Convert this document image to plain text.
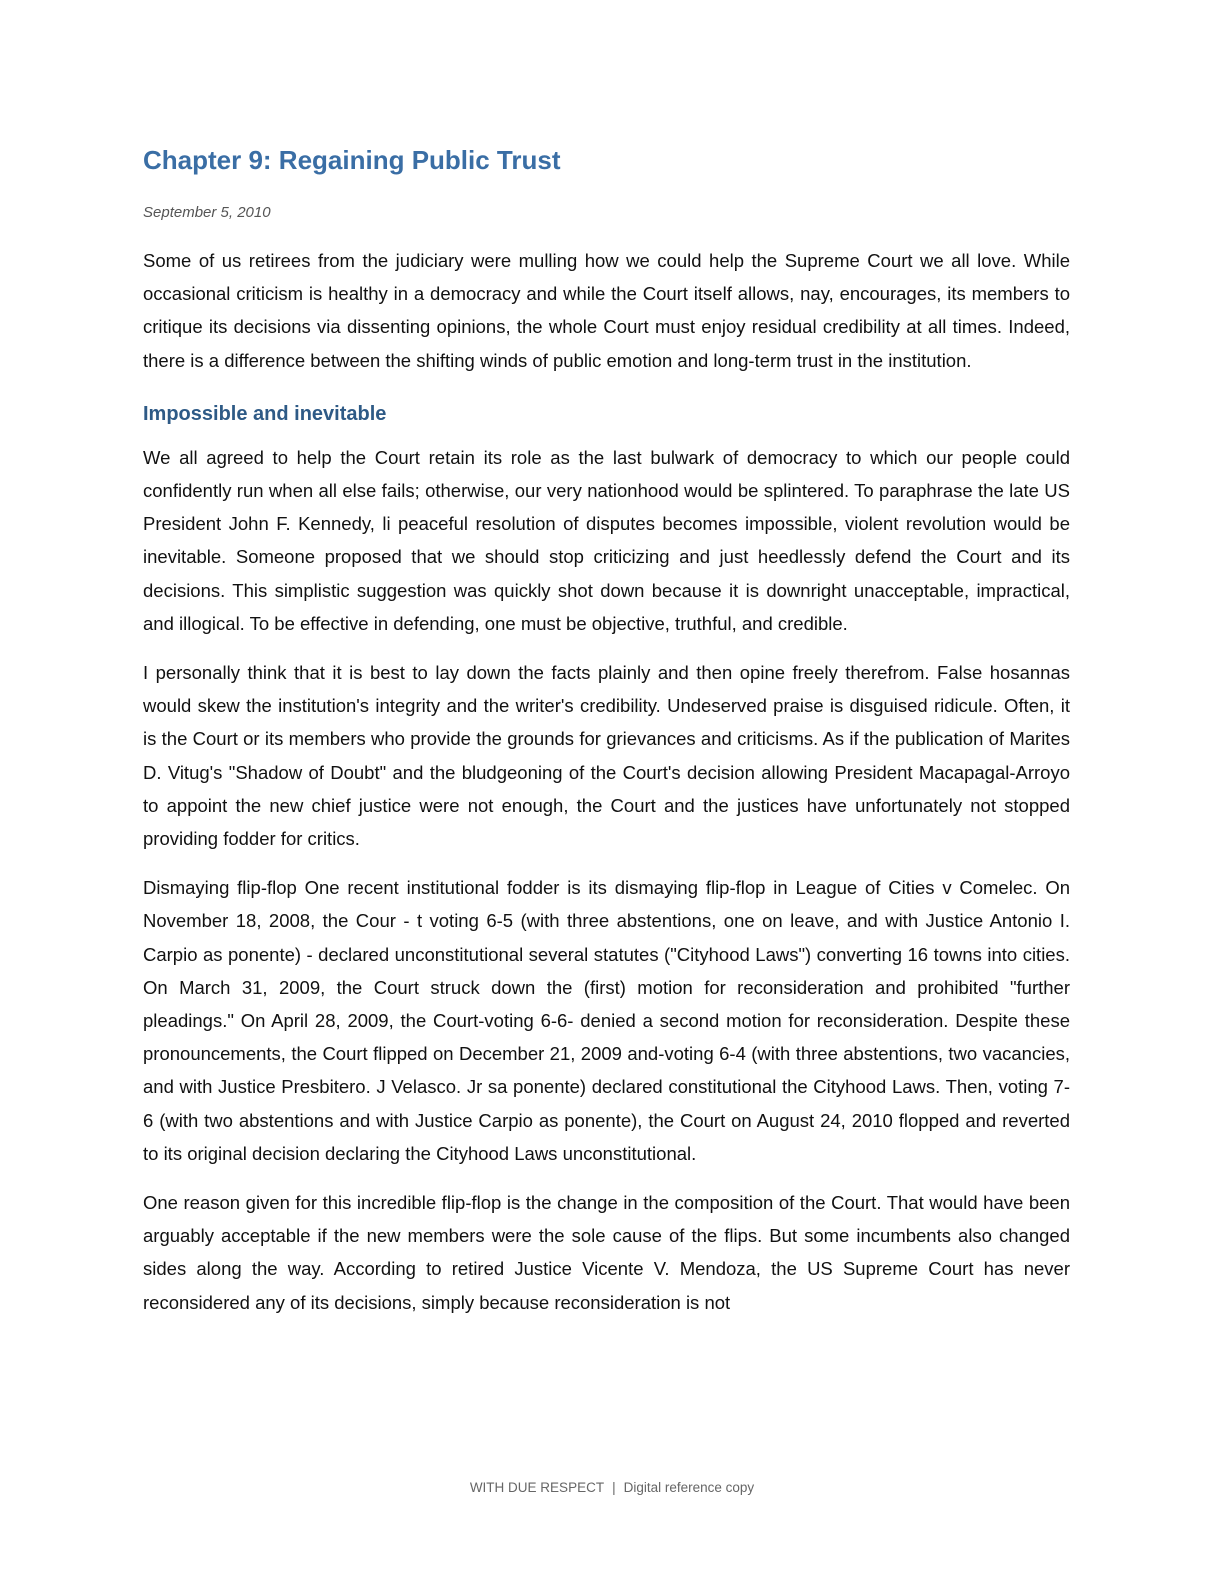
Chapter 9: Regaining Public Trust
September 5, 2010

Some of us retirees from the judiciary were mulling how we could help the Supreme Court we all love. While occasional criticism is healthy in a democracy and while the Court itself allows, nay, encourages, its members to critique its decisions via dissenting opinions, the whole Court must enjoy residual credibility at all times. Indeed, there is a difference between the shifting winds of public emotion and long-term trust in the institution.

Impossible and inevitable

We all agreed to help the Court retain its role as the last bulwark of democracy to which our people could confidently run when all else fails; otherwise, our very nationhood would be splintered. To paraphrase the late US President John F. Kennedy, li peaceful resolution of disputes becomes impossible, violent revolution would be inevitable. Someone proposed that we should stop criticizing and just heedlessly defend the Court and its decisions. This simplistic suggestion was quickly shot down because it is downright unacceptable, impractical, and illogical. To be effective in defending, one must be objective, truthful, and credible.

I personally think that it is best to lay down the facts plainly and then opine freely therefrom. False hosannas would skew the institution's integrity and the writer's credibility. Undeserved praise is disguised ridicule. Often, it is the Court or its members who provide the grounds for grievances and criticisms. As if the publication of Marites D. Vitug's "Shadow of Doubt" and the bludgeoning of the Court's decision allowing President Macapagal-Arroyo to appoint the new chief justice were not enough, the Court and the justices have unfortunately not stopped providing fodder for critics.

Dismaying flip-flop One recent institutional fodder is its dismaying flip-flop in League of Cities v Comelec. On November 18, 2008, the Cour - t voting 6-5 (with three abstentions, one on leave, and with Justice Antonio I. Carpio as ponente) - declared unconstitutional several statutes ("Cityhood Laws") converting 16 towns into cities. On March 31, 2009, the Court struck down the (first) motion for reconsideration and prohibited "further pleadings." On April 28, 2009, the Court-voting 6-6- denied a second motion for reconsideration. Despite these pronouncements, the Court flipped on December 21, 2009 and-voting 6-4 (with three abstentions, two vacancies, and with Justice Presbitero. J Velasco. Jr sa ponente) declared constitutional the Cityhood Laws. Then, voting 7-6 (with two abstentions and with Justice Carpio as ponente), the Court on August 24, 2010 flopped and reverted to its original decision declaring the Cityhood Laws unconstitutional.

One reason given for this incredible flip-flop is the change in the composition of the Court. That would have been arguably acceptable if the new members were the sole cause of the flips. But some incumbents also changed sides along the way. According to retired Justice Vicente V. Mendoza, the US Supreme Court has never reconsidered any of its decisions, simply because reconsideration is not

WITH DUE RESPECT | Digital reference copy
